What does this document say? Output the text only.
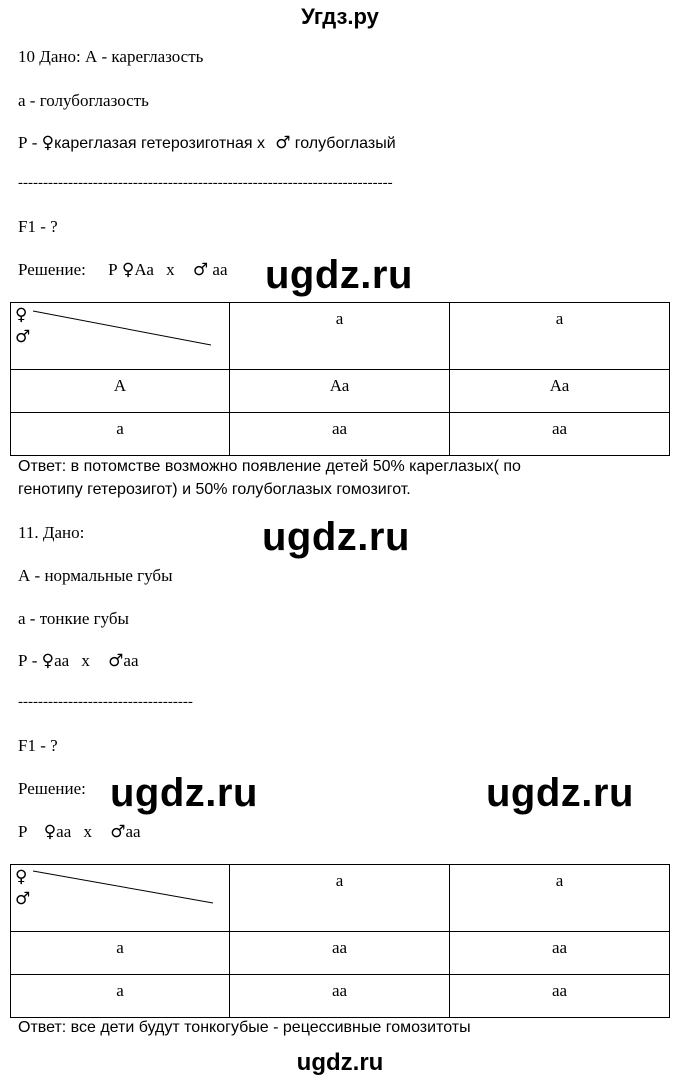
Угдз.ру
10 Дано: А - кареглазость
а - голубоглазость
Р - ♀кареглазая гетерозиготная х ♂ голубоглазый
---------------------------------------------------------------------------
F1 - ?
Решение: Р ♀Аа х ♂ аа ugdz.ru
♀
♂	а	а

А	Аа	Аа

а	аа	аа
Ответ: в потомстве возможно появление детей 50% кареглазых( по
генотипу гетерозигот) и 50% голубоглазых гомозигот.
11. Дано:	ugdz.ru
А - нормальные губы
а - тонкие губы
Р - ♀аа х ♂аа
-----------------------------------
F1 - ?
Решение: ugdz.ru	ugdz.ru
Р ♀аа х ♂аа
♀
♂	а	а

а	аа	аа

а	аа	аа
Ответ: все дети будут тонкогубые - рецессивные гомозитоты
ugdz.ru
